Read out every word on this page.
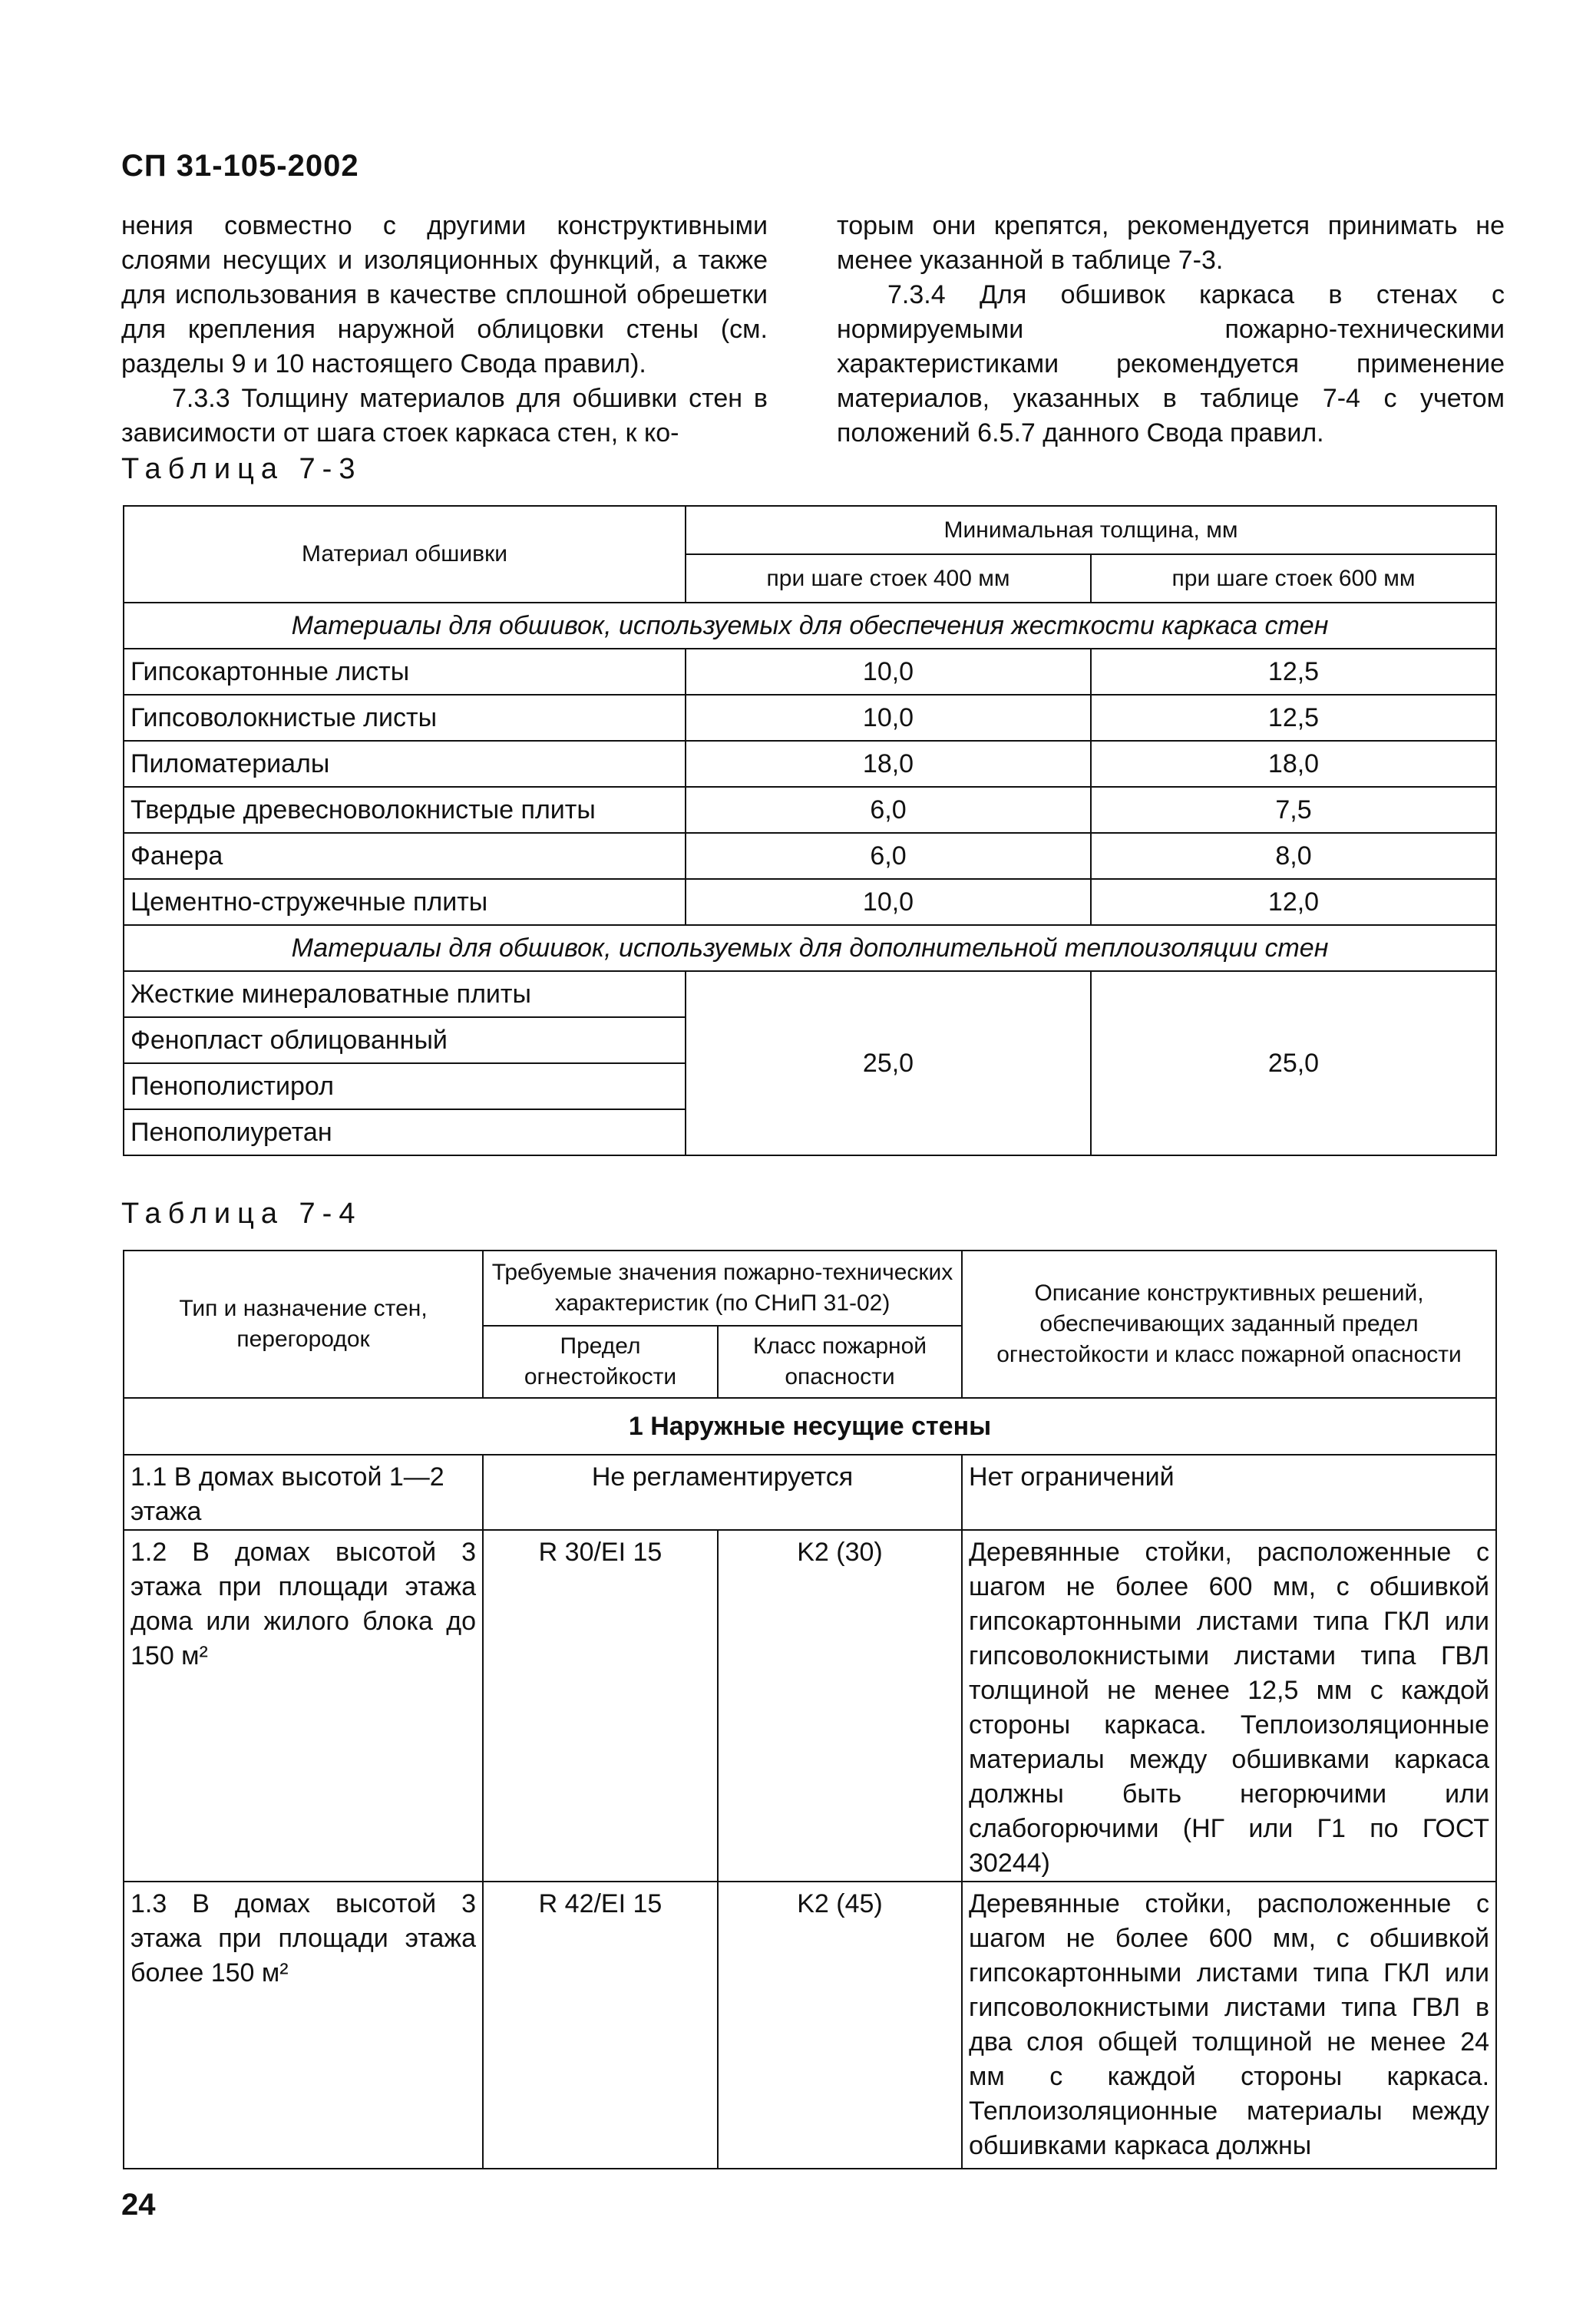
СП 31-105-2002

нения совместно с другими конструктивными слоями несущих и изоляционных функций, а также для использования в качестве сплошной обрешетки для крепления наружной облицовки стены (см. разделы 9 и 10 настоящего Свода правил).

7.3.3 Толщину материалов для обшивки стен в зависимости от шага стоек каркаса стен, к ко-

торым они крепятся, рекомендуется принимать не менее указанной в таблице 7-3.

7.3.4 Для обшивок каркаса в стенах с нормируемыми пожарно-техническими характеристиками рекомендуется применение материалов, указанных в таблице 7-4 с учетом положений 6.5.7 данного Свода правил.

Таблица 7-3
Материал обшивки	Минимальная толщина, мм	
	при шаге стоек 400 мм	при шаге стоек 600 мм
Материалы для обшивок, используемых для обеспечения жесткости каркаса стен		
Гипсокартонные листы	10,0	12,5
Гипсоволокнистые листы	10,0	12,5
Пиломатериалы	18,0	18,0
Твердые древесноволокнистые плиты	6,0	7,5
Фанера	6,0	8,0
Цементно-стружечные плиты	10,0	12,0
Материалы для обшивок, используемых для дополнительной теплоизоляции стен		
Жесткие минераловатные плиты	25,0	25,0
Фенопласт облицованный		
Пенополистирол		
Пенополиуретан		
Таблица 7-4
Тип и назначение стен, перегородок	Требуемые значения пожарно-технических характеристик (по СНиП 31-02)		Описание конструктивных решений, обеспечивающих заданный предел огнестойкости и класс пожарной опасности
	Предел огнестойкости	Класс пожарной опасности	
1 Наружные несущие стены			
1.1 В домах высотой 1—2 этажа	Не регламентируется		Нет ограничений
1.2 В домах высотой 3 этажа при площади этажа дома или жилого блока до 150 м²	R 30/EI 15	K2 (30)	Деревянные стойки, расположенные с шагом не более 600 мм, с обшивкой гипсокартонными листами типа ГКЛ или гипсоволокнистыми листами типа ГВЛ толщиной не менее 12,5 мм с каждой стороны каркаса. Теплоизоляционные материалы между обшивками каркаса должны быть негорючими или слабогорючими (НГ или Г1 по ГОСТ 30244)
1.3 В домах высотой 3 этажа при площади этажа более 150 м²	R 42/EI 15	K2 (45)	Деревянные стойки, расположенные с шагом не более 600 мм, с обшивкой гипсокартонными листами типа ГКЛ или гипсоволокнистыми листами типа ГВЛ в два слоя общей толщиной не менее 24 мм с каждой стороны каркаса. Теплоизоляционные материалы между обшивками каркаса должны
24
